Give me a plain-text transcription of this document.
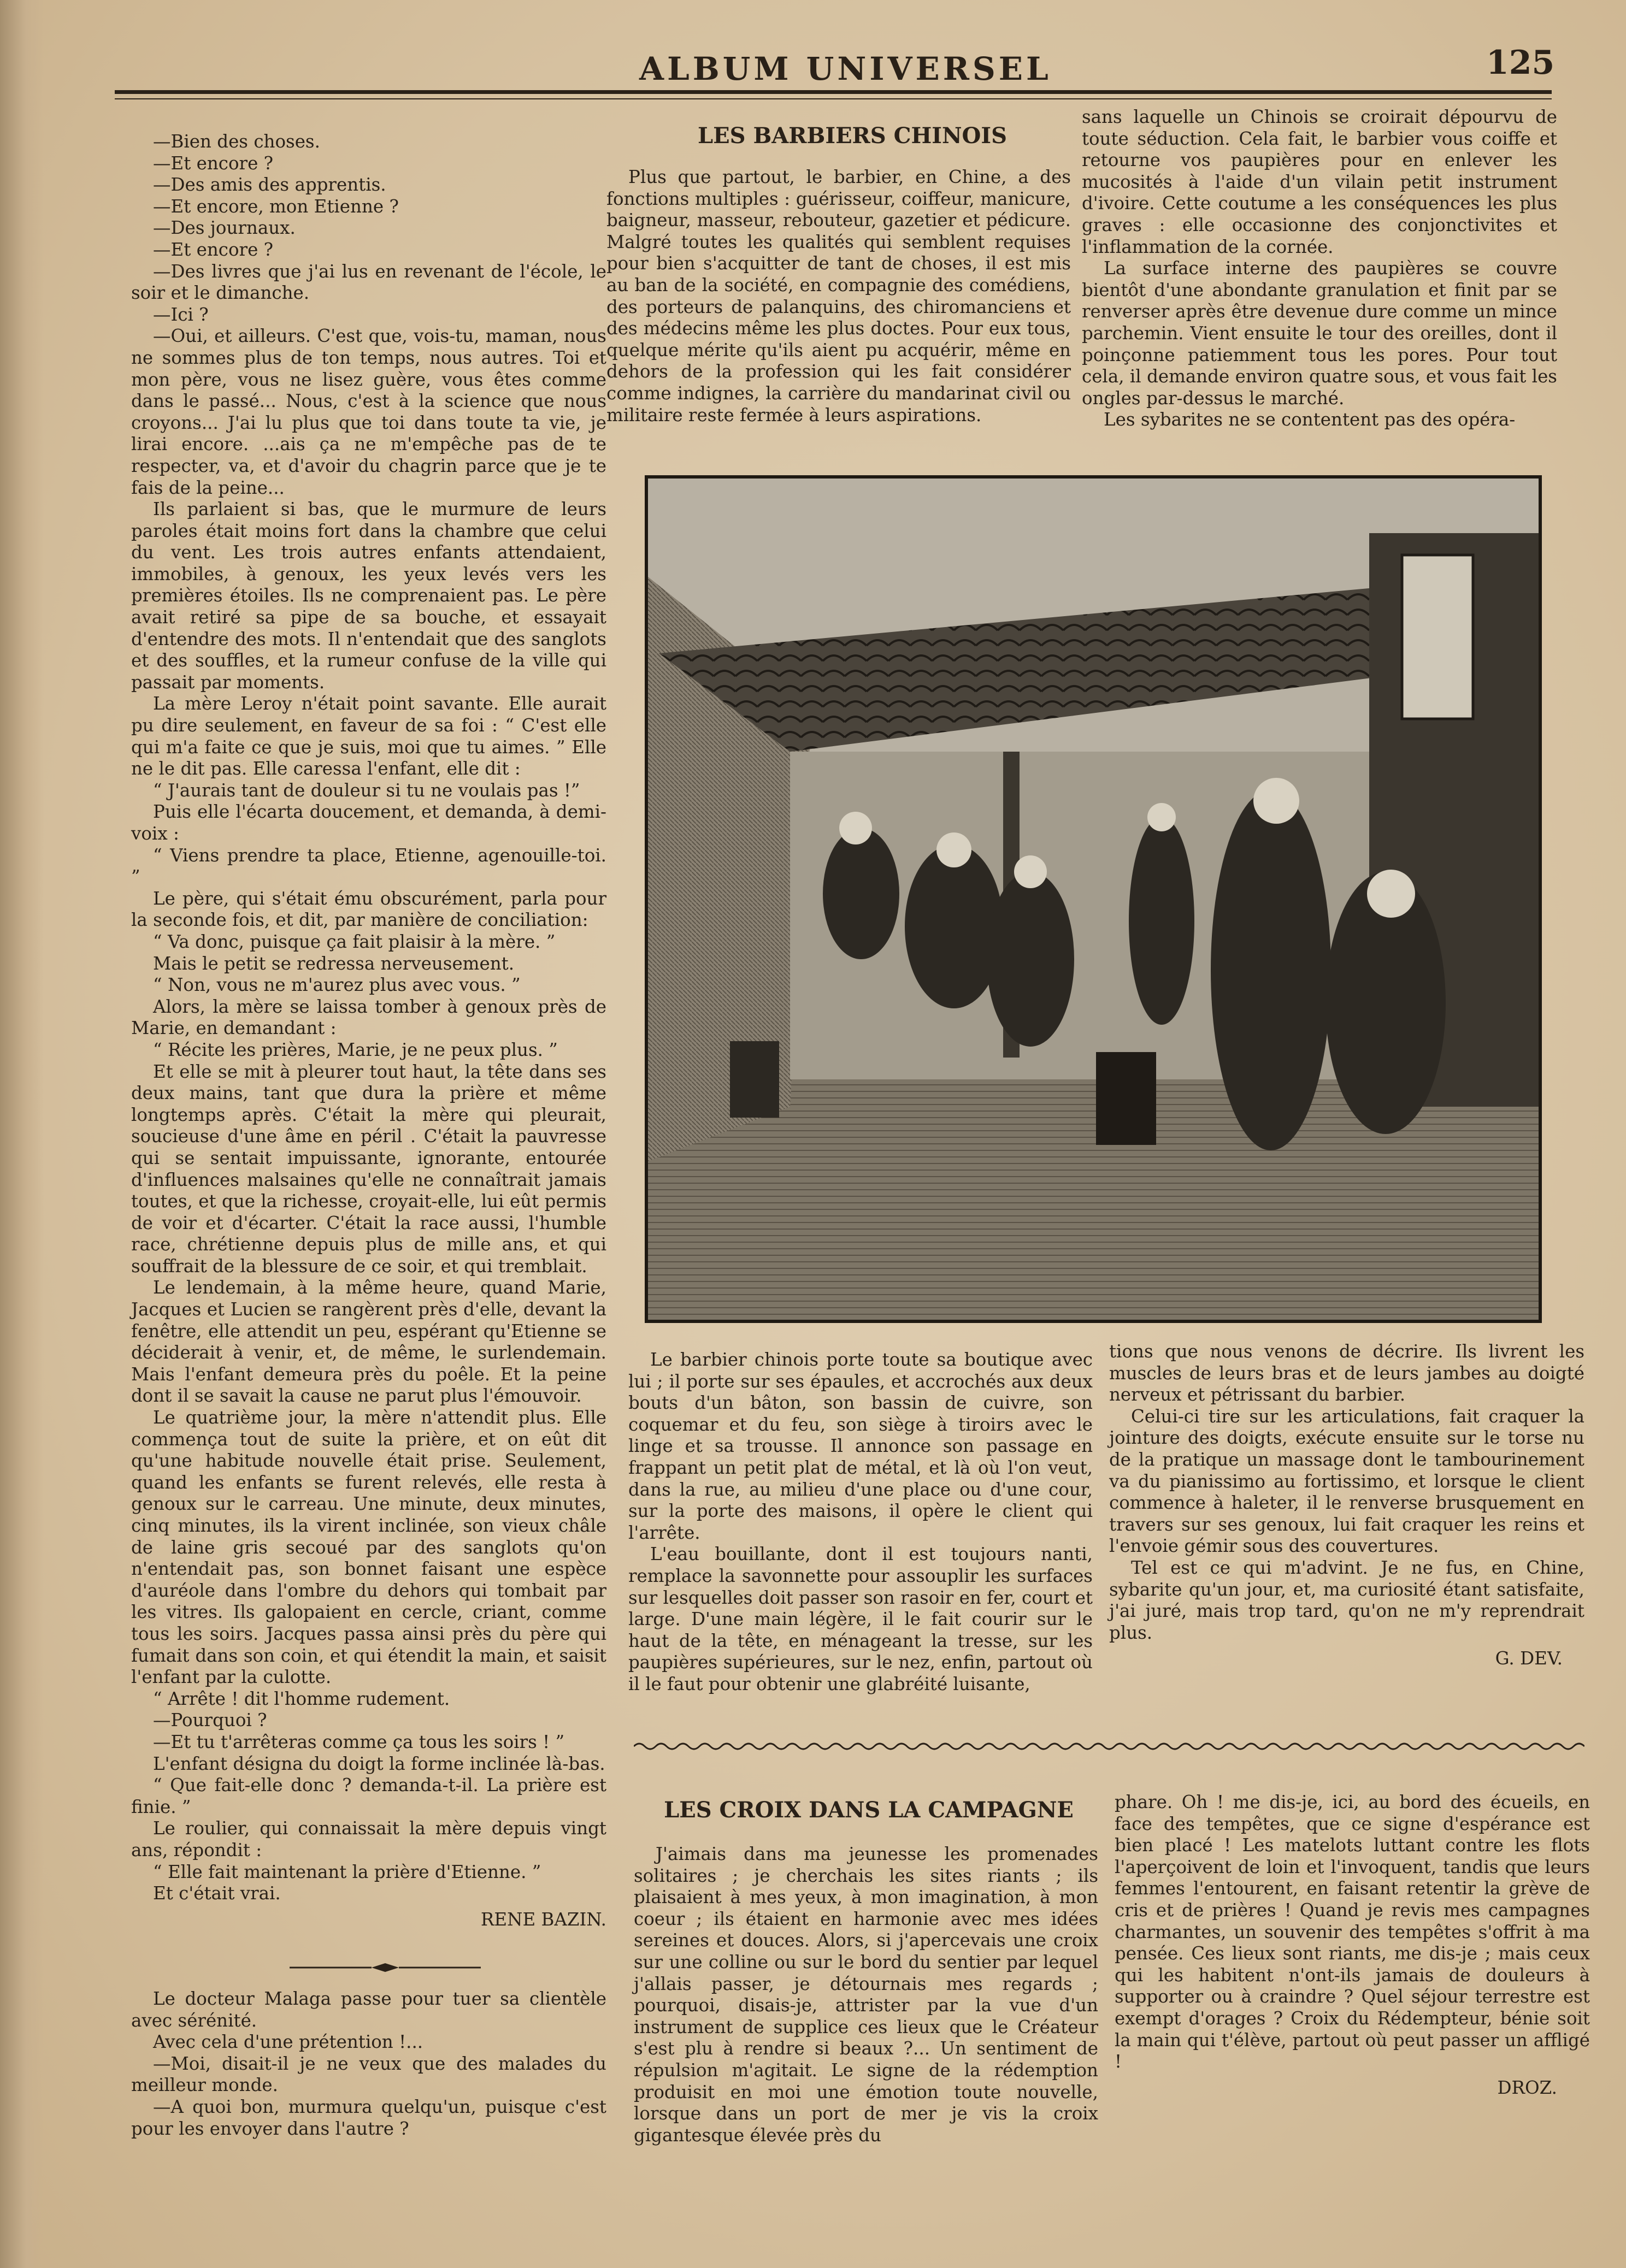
ALBUM UNIVERSEL	125

—Bien des choses.

—Et encore ?

—Des amis des apprentis.

—Et encore, mon Etienne ?

—Des journaux.

—Et encore ?

—Des livres que j'ai lus en revenant de l'école, le soir et le dimanche.

—Ici ?

—Oui, et ailleurs. C'est que, vois-tu, maman, nous ne sommes plus de ton temps, nous autres. Toi et mon père, vous ne lisez guère, vous êtes comme dans le passé... Nous, c'est à la science que nous croyons... J'ai lu plus que toi dans toute ta vie, je lirai encore. ...ais ça ne m'empêche pas de te respecter, va, et d'avoir du chagrin parce que je te fais de la peine...

Ils parlaient si bas, que le murmure de leurs paroles était moins fort dans la chambre que celui du vent. Les trois autres enfants attendaient, immobiles, à genoux, les yeux levés vers les premières étoiles. Ils ne comprenaient pas. Le père avait retiré sa pipe de sa bouche, et essayait d'entendre des mots. Il n'entendait que des sanglots et des souffles, et la rumeur confuse de la ville qui passait par moments.

La mère Leroy n'était point savante. Elle aurait pu dire seulement, en faveur de sa foi : “ C'est elle qui m'a faite ce que je suis, moi que tu aimes. ” Elle ne le dit pas. Elle caressa l'enfant, elle dit :

“ J'aurais tant de douleur si tu ne voulais pas !”

Puis elle l'écarta doucement, et demanda, à demi-voix :

“ Viens prendre ta place, Etienne, agenouille-toi. ”

Le père, qui s'était ému obscurément, parla pour la seconde fois, et dit, par manière de conciliation:

“ Va donc, puisque ça fait plaisir à la mère. ”

Mais le petit se redressa nerveusement.

“ Non, vous ne m'aurez plus avec vous. ”

Alors, la mère se laissa tomber à genoux près de Marie, en demandant :

“ Récite les prières, Marie, je ne peux plus. ”

Et elle se mit à pleurer tout haut, la tête dans ses deux mains, tant que dura la prière et même longtemps après. C'était la mère qui pleurait, soucieuse d'une âme en péril . C'était la pauvresse qui se sentait impuissante, ignorante, entourée d'influences malsaines qu'elle ne connaîtrait jamais toutes, et que la richesse, croyait-elle, lui eût permis de voir et d'écarter. C'était la race aussi, l'humble race, chrétienne depuis plus de mille ans, et qui souffrait de la blessure de ce soir, et qui tremblait.

Le lendemain, à la même heure, quand Marie, Jacques et Lucien se rangèrent près d'elle, devant la fenêtre, elle attendit un peu, espérant qu'Etienne se déciderait à venir, et, de même, le surlendemain. Mais l'enfant demeura près du poêle. Et la peine dont il se savait la cause ne parut plus l'émouvoir.

Le quatrième jour, la mère n'attendit plus. Elle commença tout de suite la prière, et on eût dit qu'une habitude nouvelle était prise. Seulement, quand les enfants se furent relevés, elle resta à genoux sur le carreau. Une minute, deux minutes, cinq minutes, ils la virent inclinée, son vieux châle de laine gris secoué par des sanglots qu'on n'entendait pas, son bonnet faisant une espèce d'auréole dans l'ombre du dehors qui tombait par les vitres. Ils galopaient en cercle, criant, comme tous les soirs. Jacques passa ainsi près du père qui fumait dans son coin, et qui étendit la main, et saisit l'enfant par la culotte.

“ Arrête ! dit l'homme rudement.

—Pourquoi ?

—Et tu t'arrêteras comme ça tous les soirs ! ”

L'enfant désigna du doigt la forme inclinée là-bas.

“ Que fait-elle donc ? demanda-t-il. La prière est finie. ”

Le roulier, qui connaissait la mère depuis vingt ans, répondit :

“ Elle fait maintenant la prière d'Etienne. ”

Et c'était vrai.

RENE BAZIN.

Le docteur Malaga passe pour tuer sa clientèle avec sérénité.

Avec cela d'une prétention !...

—Moi, disait-il je ne veux que des malades du meilleur monde.

—A quoi bon, murmura quelqu'un, puisque c'est pour les envoyer dans l'autre ?

LES BARBIERS CHINOIS

Plus que partout, le barbier, en Chine, a des fonctions multiples : guérisseur, coiffeur, manicure, baigneur, masseur, rebouteur, gazetier et pédicure. Malgré toutes les qualités qui semblent requises pour bien s'acquitter de tant de choses, il est mis au ban de la société, en compagnie des comédiens, des porteurs de palanquins, des chiromanciens et des médecins même les plus doctes. Pour eux tous, quelque mérite qu'ils aient pu acquérir, même en dehors de la profession qui les fait considérer comme indignes, la carrière du mandarinat civil ou militaire reste fermée à leurs aspirations.

sans laquelle un Chinois se croirait dépourvu de toute séduction. Cela fait, le barbier vous coiffe et retourne vos paupières pour en enlever les mucosités à l'aide d'un vilain petit instrument d'ivoire. Cette coutume a les conséquences les plus graves : elle occasionne des conjonctivites et l'inflammation de la cornée.

La surface interne des paupières se couvre bientôt d'une abondante granulation et finit par se renverser après être devenue dure comme un mince parchemin. Vient ensuite le tour des oreilles, dont il poinçonne patiemment tous les pores. Pour tout cela, il demande environ quatre sous, et vous fait les ongles par-dessus le marché.

Les sybarites ne se contentent pas des opéra-

Le barbier chinois porte toute sa boutique avec lui ; il porte sur ses épaules, et accrochés aux deux bouts d'un bâton, son bassin de cuivre, son coquemar et du feu, son siège à tiroirs avec le linge et sa trousse. Il annonce son passage en frappant un petit plat de métal, et là où l'on veut, dans la rue, au milieu d'une place ou d'une cour, sur la porte des maisons, il opère le client qui l'arrête.

L'eau bouillante, dont il est toujours nanti, remplace la savonnette pour assouplir les surfaces sur lesquelles doit passer son rasoir en fer, court et large. D'une main légère, il le fait courir sur le haut de la tête, en ménageant la tresse, sur les paupières supérieures, sur le nez, enfin, partout où il le faut pour obtenir une glabréité luisante,

tions que nous venons de décrire. Ils livrent les muscles de leurs bras et de leurs jambes au doigté nerveux et pétrissant du barbier.

Celui-ci tire sur les articulations, fait craquer la jointure des doigts, exécute ensuite sur le torse nu de la pratique un massage dont le tambourinement va du pianissimo au fortissimo, et lorsque le client commence à haleter, il le renverse brusquement en travers sur ses genoux, lui fait craquer les reins et l'envoie gémir sous des couvertures.

Tel est ce qui m'advint. Je ne fus, en Chine, sybarite qu'un jour, et, ma curiosité étant satisfaite, j'ai juré, mais trop tard, qu'on ne m'y reprendrait plus.

G. DEV.

LES CROIX DANS LA CAMPAGNE

J'aimais dans ma jeunesse les promenades solitaires ; je cherchais les sites riants ; ils plaisaient à mes yeux, à mon imagination, à mon coeur ; ils étaient en harmonie avec mes idées sereines et douces. Alors, si j'apercevais une croix sur une colline ou sur le bord du sentier par lequel j'allais passer, je détournais mes regards ; pourquoi, disais-je, attrister par la vue d'un instrument de supplice ces lieux que le Créateur s'est plu à rendre si beaux ?... Un sentiment de répulsion m'agitait. Le signe de la rédemption produisit en moi une émotion toute nouvelle, lorsque dans un port de mer je vis la croix gigantesque élevée près du

phare. Oh ! me dis-je, ici, au bord des écueils, en face des tempêtes, que ce signe d'espérance est bien placé ! Les matelots luttant contre les flots l'aperçoivent de loin et l'invoquent, tandis que leurs femmes l'entourent, en faisant retentir la grève de cris et de prières ! Quand je revis mes campagnes charmantes, un souvenir des tempêtes s'offrit à ma pensée. Ces lieux sont riants, me dis-je ; mais ceux qui les habitent n'ont-ils jamais de douleurs à supporter ou à craindre ? Quel séjour terrestre est exempt d'orages ? Croix du Rédempteur, bénie soit la main qui t'élève, partout où peut passer un affligé !

DROZ.
